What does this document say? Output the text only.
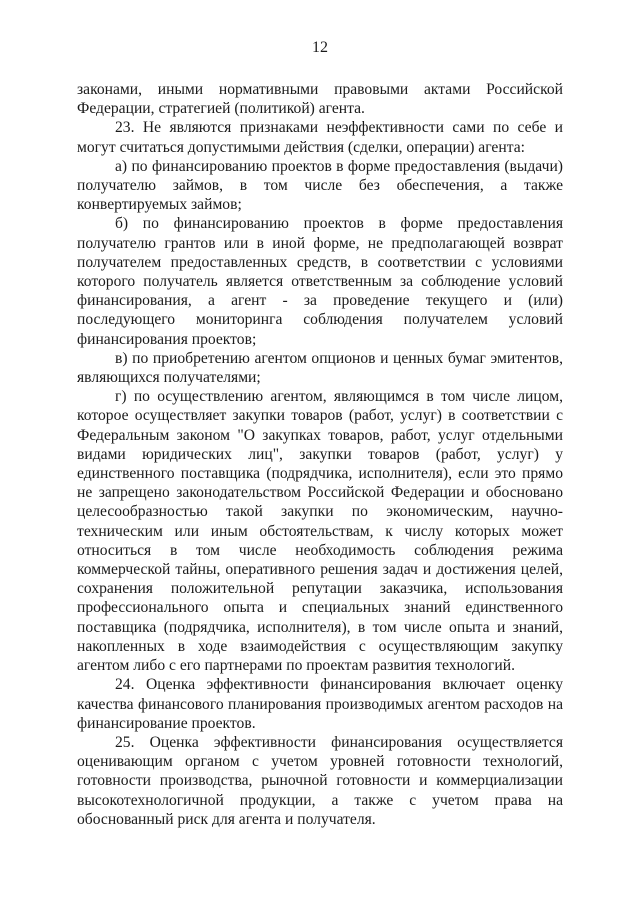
12

законами, иными нормативными правовыми актами Российской Федерации, стратегией (политикой) агента.

23. Не являются признаками неэффективности сами по себе и могут считаться допустимыми действия (сделки, операции) агента:

а) по финансированию проектов в форме предоставления (выдачи) получателю займов, в том числе без обеспечения, а также конвертируемых займов;

б) по финансированию проектов в форме предоставления получателю грантов или в иной форме, не предполагающей возврат получателем предоставленных средств, в соответствии с условиями которого получатель является ответственным за соблюдение условий финансирования, а агент - за проведение текущего и (или) последующего мониторинга соблюдения получателем условий финансирования проектов;

в) по приобретению агентом опционов и ценных бумаг эмитентов, являющихся получателями;

г) по осуществлению агентом, являющимся в том числе лицом, которое осуществляет закупки товаров (работ, услуг) в соответствии с Федеральным законом "О закупках товаров, работ, услуг отдельными видами юридических лиц", закупки товаров (работ, услуг) у единственного поставщика (подрядчика, исполнителя), если это прямо не запрещено законодательством Российской Федерации и обосновано целесообразностью такой закупки по экономическим, научно-техническим или иным обстоятельствам, к числу которых может относиться в том числе необходимость соблюдения режима коммерческой тайны, оперативного решения задач и достижения целей, сохранения положительной репутации заказчика, использования профессионального опыта и специальных знаний единственного поставщика (подрядчика, исполнителя), в том числе опыта и знаний, накопленных в ходе взаимодействия с осуществляющим закупку агентом либо с его партнерами по проектам развития технологий.

24. Оценка эффективности финансирования включает оценку качества финансового планирования производимых агентом расходов на финансирование проектов.

25. Оценка эффективности финансирования осуществляется оценивающим органом с учетом уровней готовности технологий, готовности производства, рыночной готовности и коммерциализации высокотехнологичной продукции, а также с учетом права на обоснованный риск для агента и получателя.
